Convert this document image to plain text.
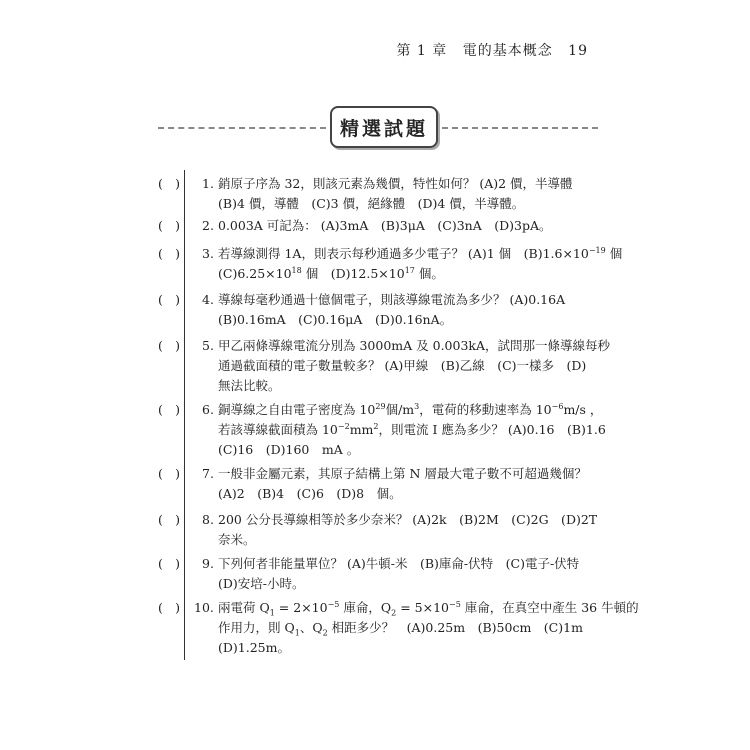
第 1 章 電的基本概念 19
精選試題
( ) 1. 銷原子序為 32，則該元素為幾價，特性如何？ (A)2 價，半導體
(B)4 價，導體　(C)3 價，絕緣體　(D)4 價，半導體。
( ) 2. 0.003A 可記為： (A)3mA　(B)3μA　(C)3nA　(D)3pA。
( ) 3. 若導線測得 1A，則表示每秒通過多少電子？ (A)1 個　$(B)1.6\times 10^{-19}$ 個
$(C)6.25\times 10^{18}$ 個　$(D)12.5\times 10^{17}$ 個。
( ) 4. 導線每毫秒通過十億個電子，則該導線電流為多少？ (A)0.16A
(B)0.16mA　(C)0.16μA　(D)0.16nA。
( ) 5. 甲乙兩條導線電流分別為 3000mA 及 0.003kA，試問那一條導線每秒
通過截面積的電子數量較多？ (A)甲線　(B)乙線　(C)一樣多　(D)
無法比較。
( ) 6. 銅導線之自由電子密度為 $10^{29}$個$/m^3$，電荷的移動速率為 $10^{-6}m/s$ ，
若該導線截面積為 $10^{-2}mm^2$，則電流 I 應為多少？ (A)0.16　(B)1.6
(C)16　(D)160　mA 。
( ) 7. 一般非金屬元素，其原子結構上第 N 層最大電子數不可超過幾個？
(A)2　(B)4　(C)6　(D)8　個。
( ) 8. 200 公分長導線相等於多少奈米？ (A)2k　(B)2M　(C)2G　(D)2T
奈米。
( ) 9. 下列何者非能量單位？ (A)牛頓-米　(B)庫侖-伏特　(C)電子-伏特
(D)安培-小時。
( ) 10. 兩電荷 $Q_1 = 2\times 10^{-5}$ 庫侖，$Q_2 = 5\times 10^{-5}$ 庫侖，在真空中產生 36 牛頓的
作用力，則 $Q_1$、$Q_2$ 相距多少？　(A)0.25m　(B)50cm　(C)1m
(D)1.25m。
